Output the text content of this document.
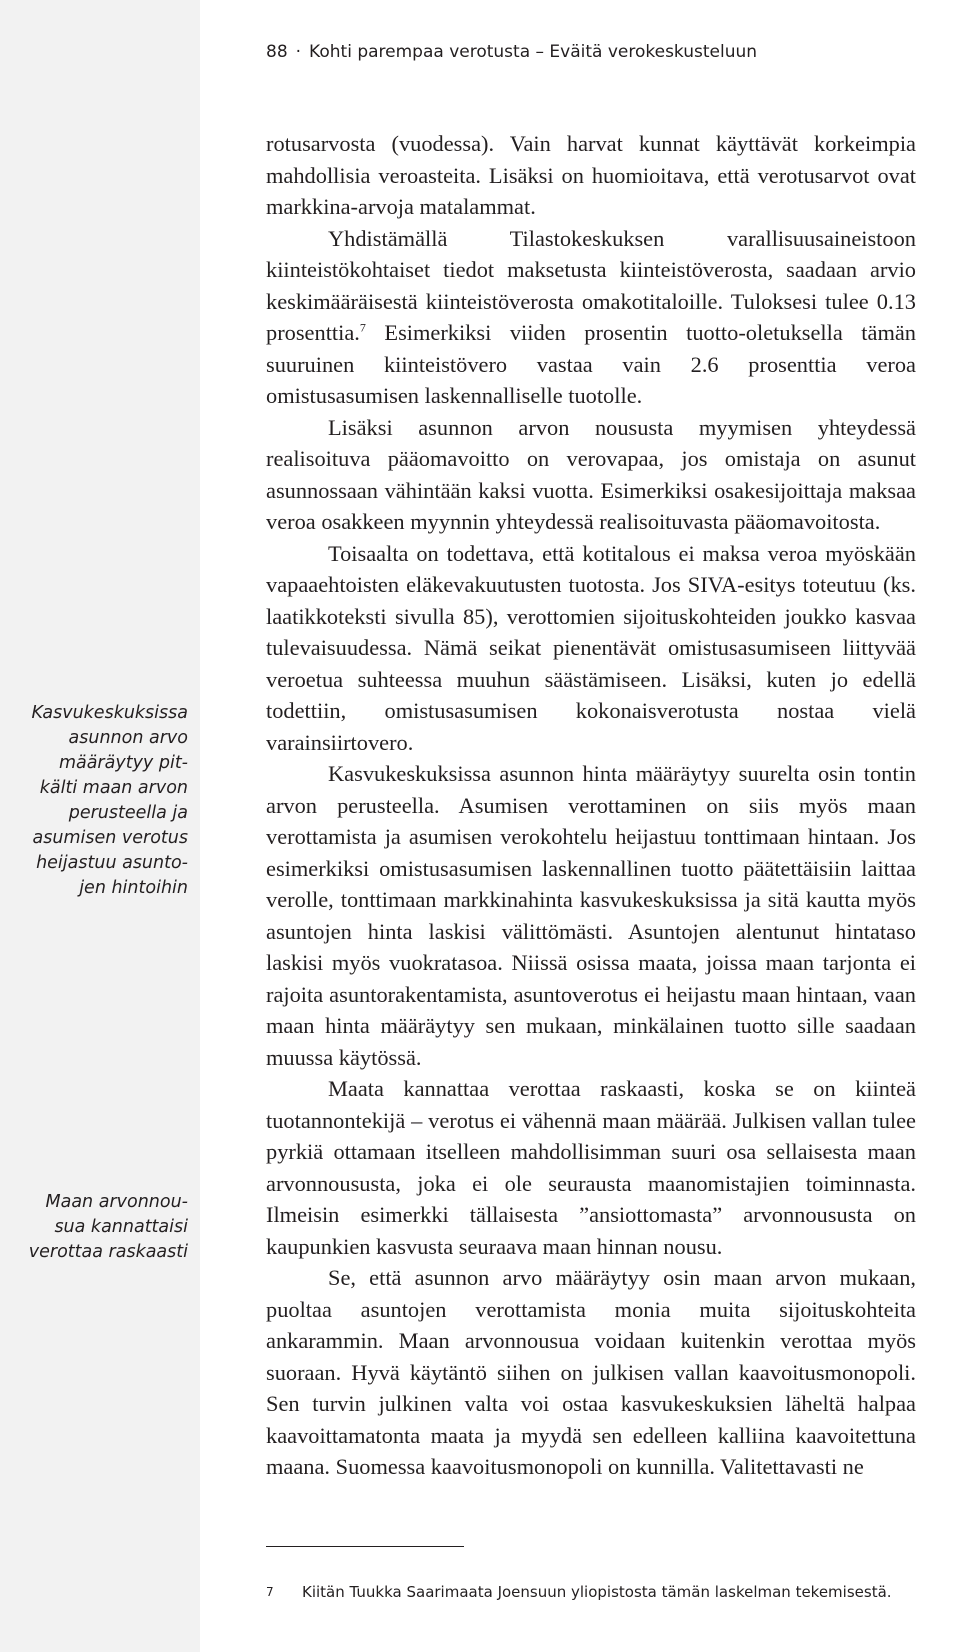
Kasvukeskuksissa
asunnon arvo
määräytyy pit-
kälti maan arvon
perusteella ja
asumisen verotus
heijastuu asunto-
jen hintoihin
Maan arvonnou-
sua kannattaisi
verottaa raskaasti
88 · Kohti parempaa verotusta – Eväitä verokeskusteluun

rotusarvosta (vuodessa). Vain harvat kunnat käyttävät korkeimpia mahdollisia veroasteita. Lisäksi on huomioitava, että verotusarvot ovat markkina-arvoja matalammat.

Yhdistämällä Tilastokeskuksen varallisuusaineistoon kiinteistökohtaiset tiedot maksetusta kiinteistöverosta, saadaan arvio keskimääräisestä kiinteistöverosta omakotitaloille. Tuloksesi tulee 0.13 prosenttia.$^7$ Esimerkiksi viiden prosentin tuotto-oletuksella tämän suuruinen kiinteistövero vastaa vain 2.6 prosenttia veroa omistusasumisen laskennalliselle tuotolle.

Lisäksi asunnon arvon noususta myymisen yhteydessä realisoituva pääomavoitto on verovapaa, jos omistaja on asunut asunnossaan vähintään kaksi vuotta. Esimerkiksi osakesijoittaja maksaa veroa osakkeen myynnin yhteydessä realisoituvasta pääomavoitosta.

Toisaalta on todettava, että kotitalous ei maksa veroa myöskään vapaaehtoisten eläkevakuutusten tuotosta. Jos SIVA-esitys toteutuu (ks. laatikkoteksti sivulla 85), verottomien sijoituskohteiden joukko kasvaa tulevaisuudessa. Nämä seikat pienentävät omistusasumiseen liittyvää veroetua suhteessa muuhun säästämiseen. Lisäksi, kuten jo edellä todettiin, omistusasumisen kokonaisverotusta nostaa vielä varainsiirtovero.

Kasvukeskuksissa asunnon hinta määräytyy suurelta osin tontin arvon perusteella. Asumisen verottaminen on siis myös maan verottamista ja asumisen verokohtelu heijastuu tonttimaan hintaan. Jos esimerkiksi omistusasumisen laskennallinen tuotto päätettäisiin laittaa verolle, tonttimaan markkinahinta kasvukeskuksissa ja sitä kautta myös asuntojen hinta laskisi välittömästi. Asuntojen alentunut hintataso laskisi myös vuokratasoa. Niissä osissa maata, joissa maan tarjonta ei rajoita asuntorakentamista, asuntoverotus ei heijastu maan hintaan, vaan maan hinta määräytyy sen mukaan, minkälainen tuotto sille saadaan muussa käytössä.

Maata kannattaa verottaa raskaasti, koska se on kiinteä tuotannontekijä – verotus ei vähennä maan määrää. Julkisen vallan tulee pyrkiä ottamaan itselleen mahdollisimman suuri osa sellaisesta maan arvonnoususta, joka ei ole seurausta maanomistajien toiminnasta. Ilmeisin esimerkki tällaisesta ”ansiottomasta” arvonnoususta on kaupunkien kasvusta seuraava maan hinnan nousu.

Se, että asunnon arvo määräytyy osin maan arvon mukaan, puoltaa asuntojen verottamista monia muita sijoituskohteita ankarammin. Maan arvonnousua voidaan kuitenkin verottaa myös suoraan. Hyvä käytäntö siihen on julkisen vallan kaavoitusmonopoli. Sen turvin julkinen valta voi ostaa kasvukeskuksien läheltä halpaa kaavoittamatonta maata ja myydä sen edelleen kalliina kaavoitettuna maana. Suomessa kaavoitusmonopoli on kunnilla. Valitettavasti ne

7 Kiitän Tuukka Saarimaata Joensuun yliopistosta tämän laskelman tekemisestä.
